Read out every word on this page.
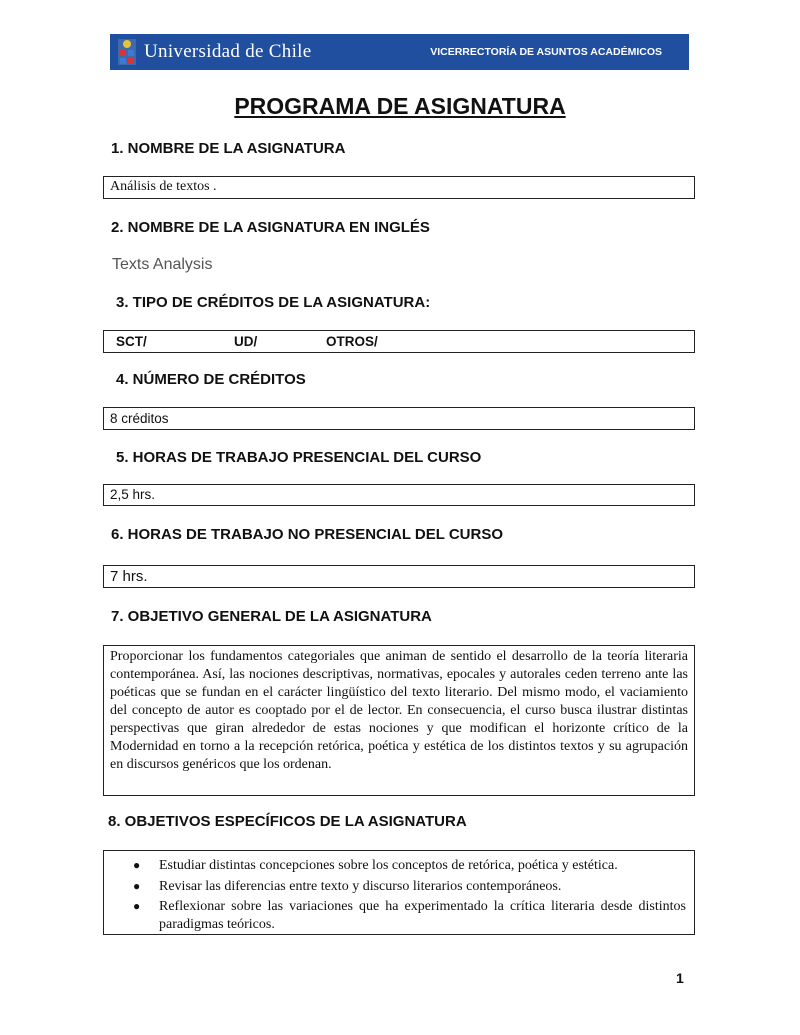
Universidad de Chile	VICERRECTORÍA DE ASUNTOS ACADÉMICOS
PROGRAMA DE ASIGNATURA
1. NOMBRE DE LA ASIGNATURA
Análisis de textos .
2. NOMBRE DE LA ASIGNATURA EN INGLÉS
Texts Analysis
3. TIPO DE CRÉDITOS DE LA ASIGNATURA:
SCT/	UD/	OTROS/
4. NÚMERO DE CRÉDITOS
8 créditos
5. HORAS DE TRABAJO PRESENCIAL DEL CURSO
2,5 hrs.
6. HORAS DE TRABAJO NO PRESENCIAL DEL CURSO
7 hrs.
7. OBJETIVO GENERAL DE LA ASIGNATURA
Proporcionar los fundamentos categoriales que animan de sentido el desarrollo de la teoría literaria contemporánea. Así, las nociones descriptivas, normativas, epocales y autorales ceden terreno ante las poéticas que se fundan en el carácter lingüístico del texto literario. Del mismo modo, el vaciamiento del concepto de autor es cooptado por el de lector. En consecuencia, el curso busca ilustrar distintas perspectivas que giran alrededor de estas nociones y que modifican el horizonte crítico de la Modernidad en torno a la recepción retórica, poética y estética de los distintos textos y su agrupación en discursos genéricos que los ordenan.
8. OBJETIVOS ESPECÍFICOS DE LA ASIGNATURA
● Estudiar distintas concepciones sobre los conceptos de retórica, poética y estética.
● Revisar las diferencias entre texto y discurso literarios contemporáneos.
● Reflexionar sobre las variaciones que ha experimentado la crítica literaria desde distintos paradigmas teóricos.
1
